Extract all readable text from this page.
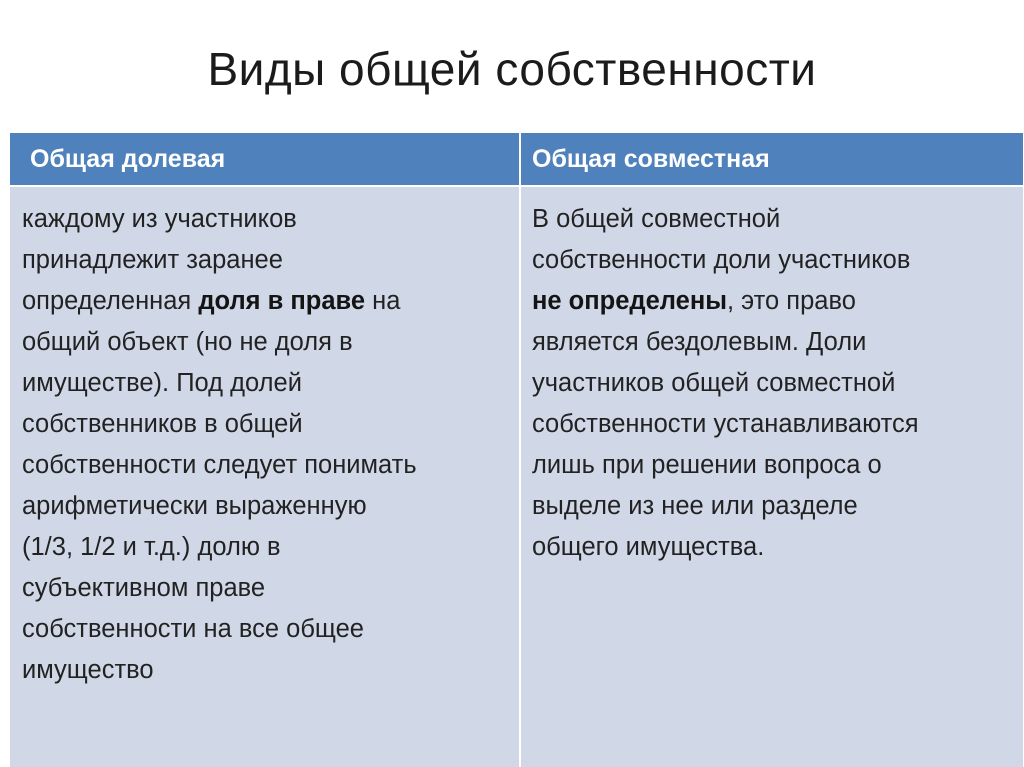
Виды общей собственности
Общая долевая	Общая совместная
каждому из участников
принадлежит заранее
определенная доля в праве на
общий объект (но не доля в
имуществе). Под долей
собственников в общей
собственности следует понимать
арифметически выраженную
(1/3, 1/2 и т.д.) долю в
субъективном праве
собственности на все общее
имущество
В общей совместной
собственности доли участников
не определены, это право
является бездолевым. Доли
участников общей совместной
собственности устанавливаются
лишь при решении вопроса о
выделе из нее или разделе
общего имущества.
